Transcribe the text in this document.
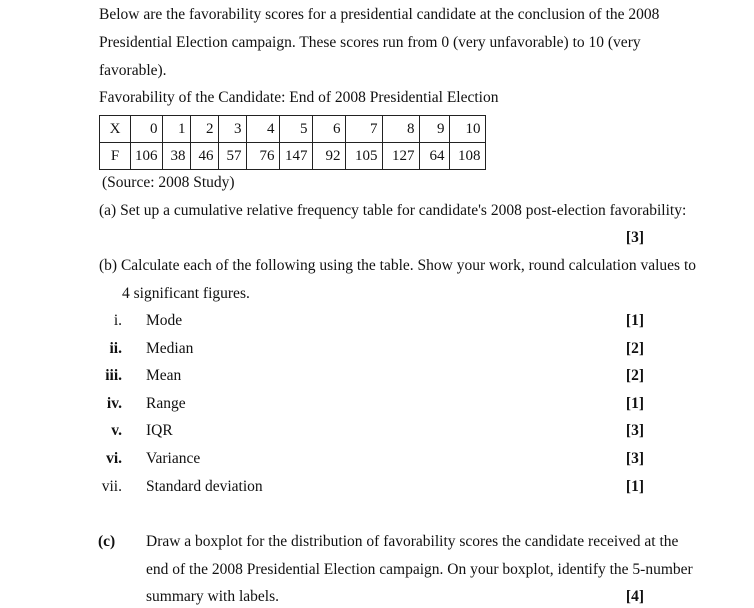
Below are the favorability scores for a presidential candidate at the conclusion of the 2008
Presidential Election campaign. These scores run from 0 (very unfavorable) to 10 (very
favorable).
Favorability of the Candidate: End of 2008 Presidential Election
X	0	1	2	3	4	5	6	7	8	9	10
F	106	38	46	57	76	147	92	105	127	64	108
(Source: 2008 Study)
(a) Set up a cumulative relative frequency table for candidate's 2008 post-election favorability:
[3]
(b) Calculate each of the following using the table. Show your work, round calculation values to
4 significant figures.
i. Mode	[1]
ii. Median	[2]
iii. Mean	[2]
iv. Range	[1]
v. IQR	[3]
vi. Variance	[3]
vii. Standard deviation	[1]
(c) Draw a boxplot for the distribution of favorability scores the candidate received at the
end of the 2008 Presidential Election campaign. On your boxplot, identify the 5-number
summary with labels.	[4]
